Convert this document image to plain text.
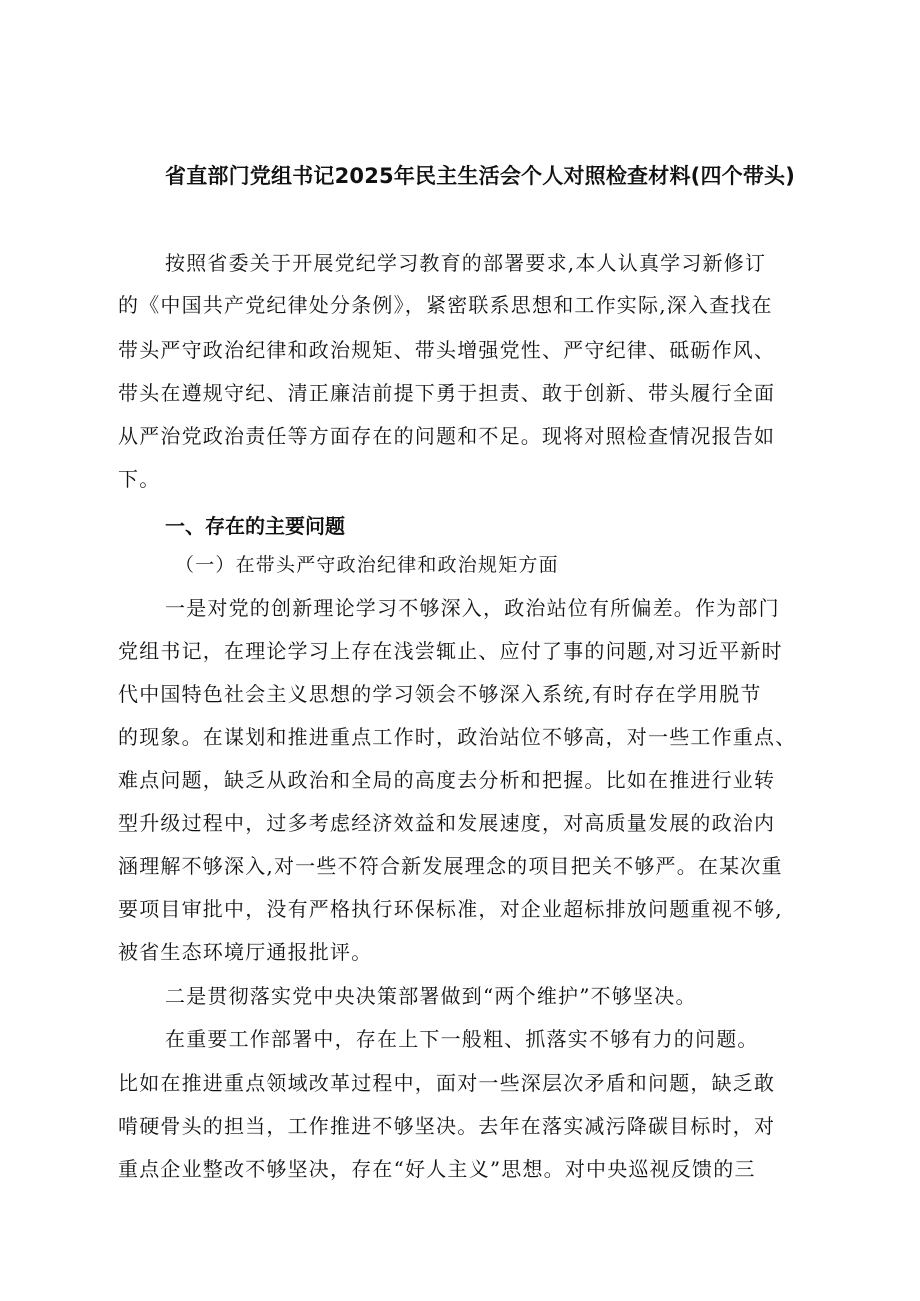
省直部门党组书记2025年民主生活会个人对照检查材料(四个带头)
按照省委关于开展党纪学习教育的部署要求,本人认真学习新修订
的《中国共产党纪律处分条例》，紧密联系思想和工作实际,深入查找在
带头严守政治纪律和政治规矩、带头增强党性、严守纪律、砥砺作风、
带头在遵规守纪、清正廉洁前提下勇于担责、敢于创新、带头履行全面
从严治党政治责任等方面存在的问题和不足。现将对照检查情况报告如
下。
一、存在的主要问题
（一）在带头严守政治纪律和政治规矩方面
一是对党的创新理论学习不够深入，政治站位有所偏差。作为部门
党组书记，在理论学习上存在浅尝辄止、应付了事的问题,对习近平新时
代中国特色社会主义思想的学习领会不够深入系统,有时存在学用脱节
的现象。在谋划和推进重点工作时，政治站位不够高，对一些工作重点、
难点问题，缺乏从政治和全局的高度去分析和把握。比如在推进行业转
型升级过程中，过多考虑经济效益和发展速度，对高质量发展的政治内
涵理解不够深入,对一些不符合新发展理念的项目把关不够严。在某次重
要项目审批中，没有严格执行环保标准，对企业超标排放问题重视不够,
被省生态环境厅通报批评。
二是贯彻落实党中央决策部署做到“两个维护”不够坚决。
在重要工作部署中，存在上下一般粗、抓落实不够有力的问题。
比如在推进重点领域改革过程中，面对一些深层次矛盾和问题，缺乏敢
啃硬骨头的担当，工作推进不够坚决。去年在落实减污降碳目标时，对
重点企业整改不够坚决，存在“好人主义”思想。对中央巡视反馈的三
